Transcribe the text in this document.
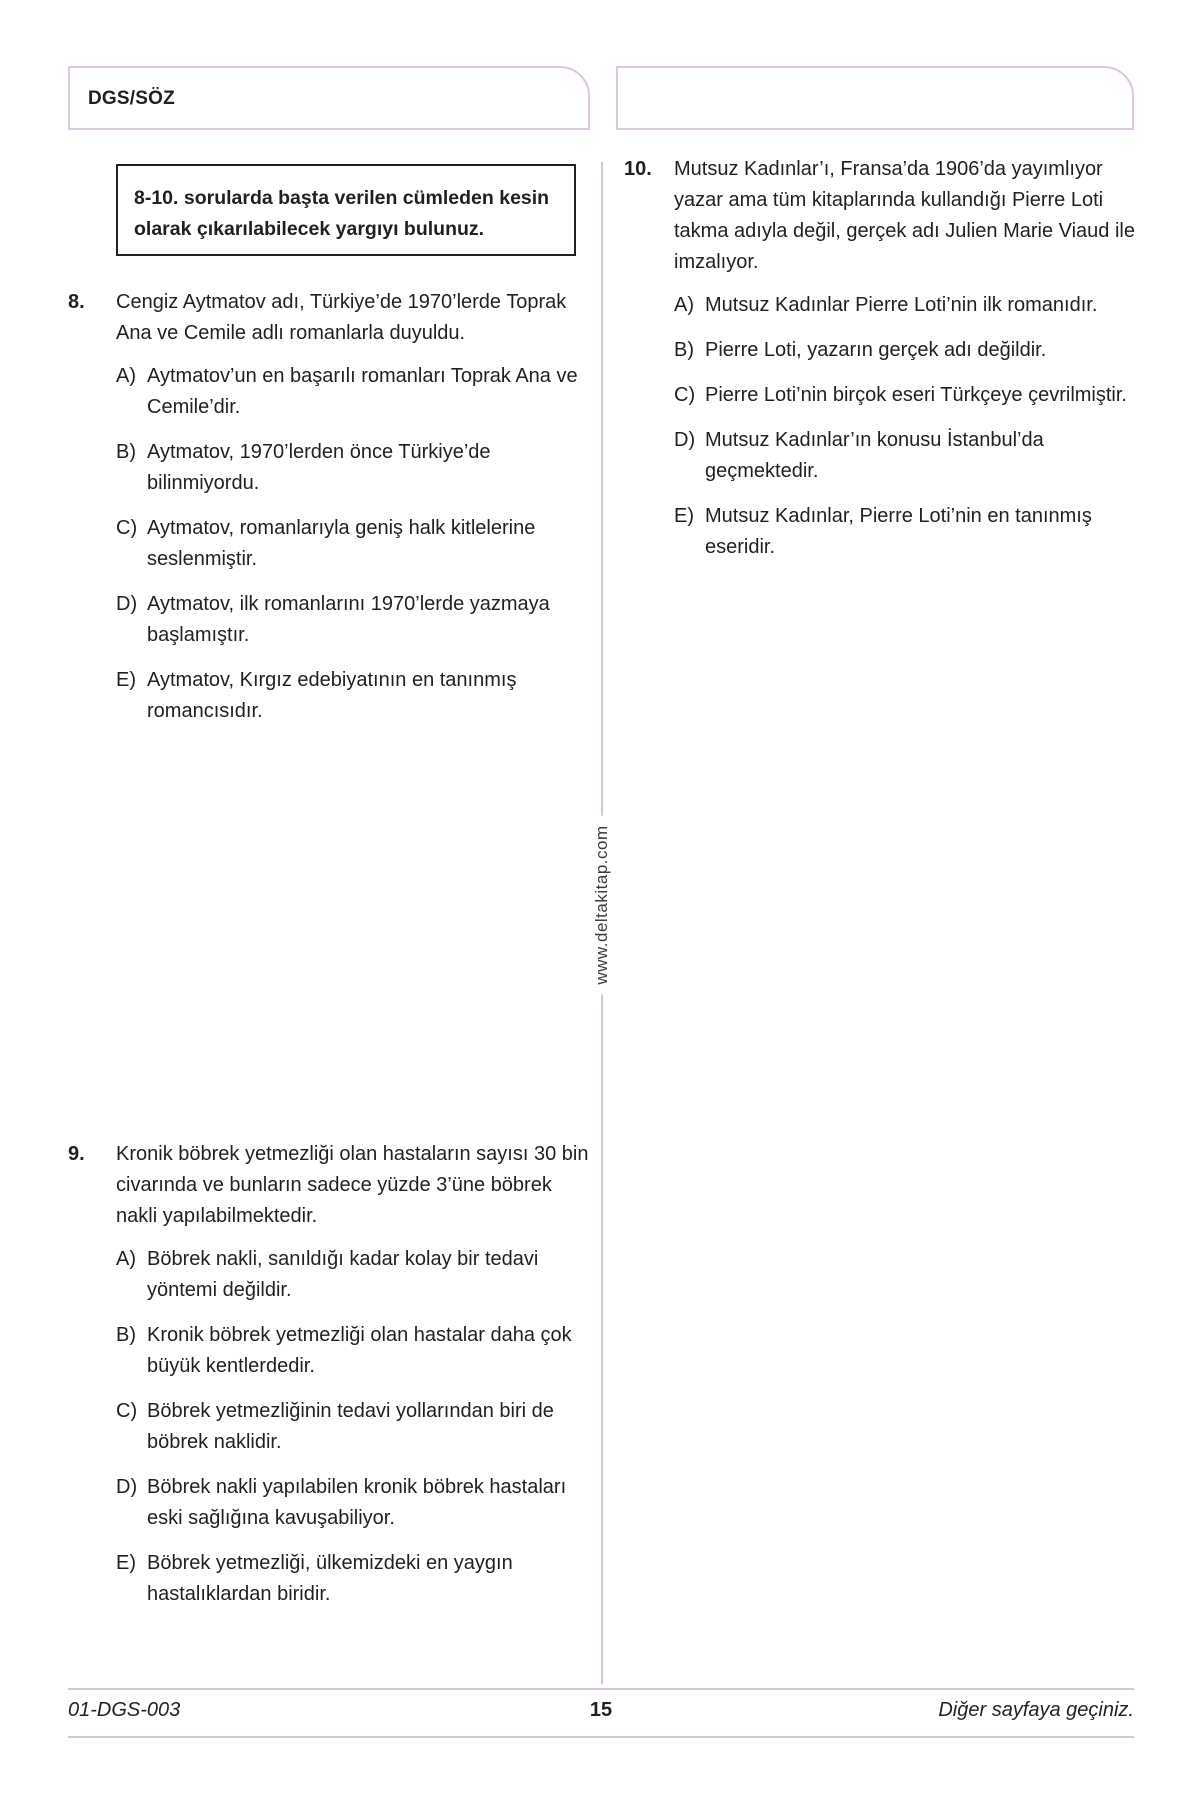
DGS/SÖZ
www.deltakitap.com
8-10. sorularda başta verilen cümleden kesin olarak çıkarılabilecek yargıyı bulunuz.
8. Cengiz Aytmatov adı, Türkiye’de 1970’lerde Toprak Ana ve Cemile adlı romanlarla duyuldu.
A) Aytmatov’un en başarılı romanları Toprak Ana ve Cemile’dir.
B) Aytmatov, 1970’lerden önce Türkiye’de bilinmiyordu.
C) Aytmatov, romanlarıyla geniş halk kitlelerine seslenmiştir.
D) Aytmatov, ilk romanlarını 1970’lerde yazmaya başlamıştır.
E) Aytmatov, Kırgız edebiyatının en tanınmış romancısıdır.
9. Kronik böbrek yetmezliği olan hastaların sayısı 30 bin civarında ve bunların sadece yüzde 3’üne böbrek nakli yapılabilmektedir.
A) Böbrek nakli, sanıldığı kadar kolay bir tedavi yöntemi değildir.
B) Kronik böbrek yetmezliği olan hastalar daha çok büyük kentlerdedir.
C) Böbrek yetmezliğinin tedavi yollarından biri de böbrek naklidir.
D) Böbrek nakli yapılabilen kronik böbrek hastaları eski sağlığına kavuşabiliyor.
E) Böbrek yetmezliği, ülkemizdeki en yaygın hastalıklardan biridir.
10. Mutsuz Kadınlar’ı, Fransa’da 1906’da yayımlıyor yazar ama tüm kitaplarında kullandığı Pierre Loti takma adıyla değil, gerçek adı Julien Marie Viaud ile imzalıyor.
A) Mutsuz Kadınlar Pierre Loti’nin ilk romanıdır.
B) Pierre Loti, yazarın gerçek adı değildir.
C) Pierre Loti’nin birçok eseri Türkçeye çevrilmiştir.
D) Mutsuz Kadınlar’ın konusu İstanbul’da geçmektedir.
E) Mutsuz Kadınlar, Pierre Loti’nin en tanınmış eseridir.
01-DGS-003	15	Diğer sayfaya geçiniz.
